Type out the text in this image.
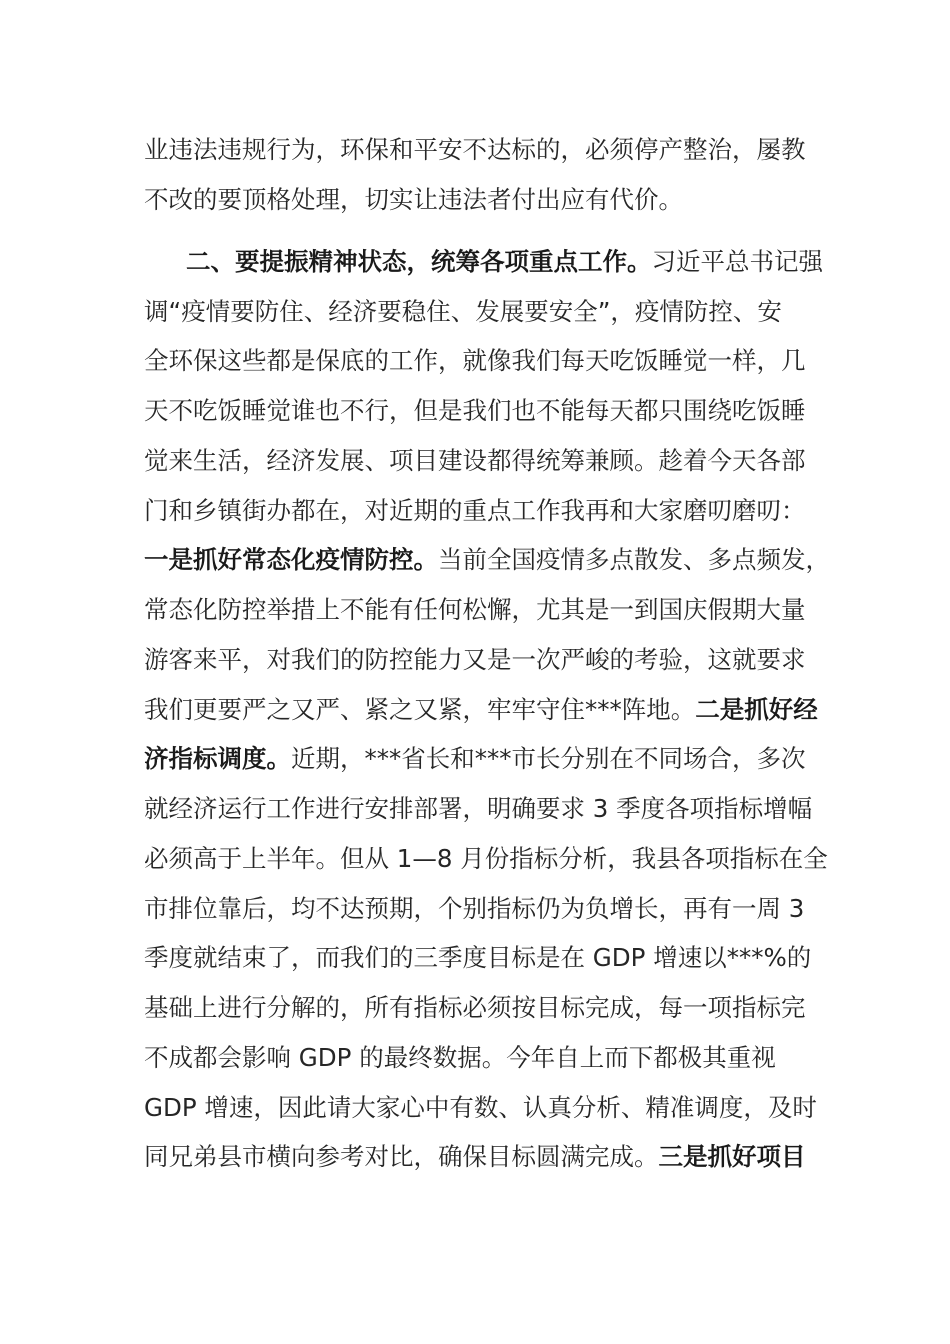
业违法违规行为，环保和平安不达标的，必须停产整治，屡教
不改的要顶格处理，切实让违法者付出应有代价。
二、要提振精神状态，统筹各项重点工作。习近平总书记强
调“疫情要防住、经济要稳住、发展要安全”，疫情防控、安
全环保这些都是保底的工作，就像我们每天吃饭睡觉一样，几
天不吃饭睡觉谁也不行，但是我们也不能每天都只围绕吃饭睡
觉来生活，经济发展、项目建设都得统筹兼顾。趁着今天各部
门和乡镇街办都在，对近期的重点工作我再和大家磨叨磨叨：
一是抓好常态化疫情防控。当前全国疫情多点散发、多点频发，
常态化防控举措上不能有任何松懈，尤其是一到国庆假期大量
游客来平，对我们的防控能力又是一次严峻的考验，这就要求
我们更要严之又严、紧之又紧，牢牢守住***阵地。二是抓好经
济指标调度。近期，***省长和***市长分别在不同场合，多次
就经济运行工作进行安排部署，明确要求 3 季度各项指标增幅
必须高于上半年。但从 1—8 月份指标分析，我县各项指标在全
市排位靠后，均不达预期，个别指标仍为负增长，再有一周 3
季度就结束了，而我们的三季度目标是在 GDP 增速以***%的
基础上进行分解的，所有指标必须按目标完成，每一项指标完
不成都会影响 GDP 的最终数据。今年自上而下都极其重视
GDP 增速，因此请大家心中有数、认真分析、精准调度，及时
同兄弟县市横向参考对比，确保目标圆满完成。三是抓好项目
